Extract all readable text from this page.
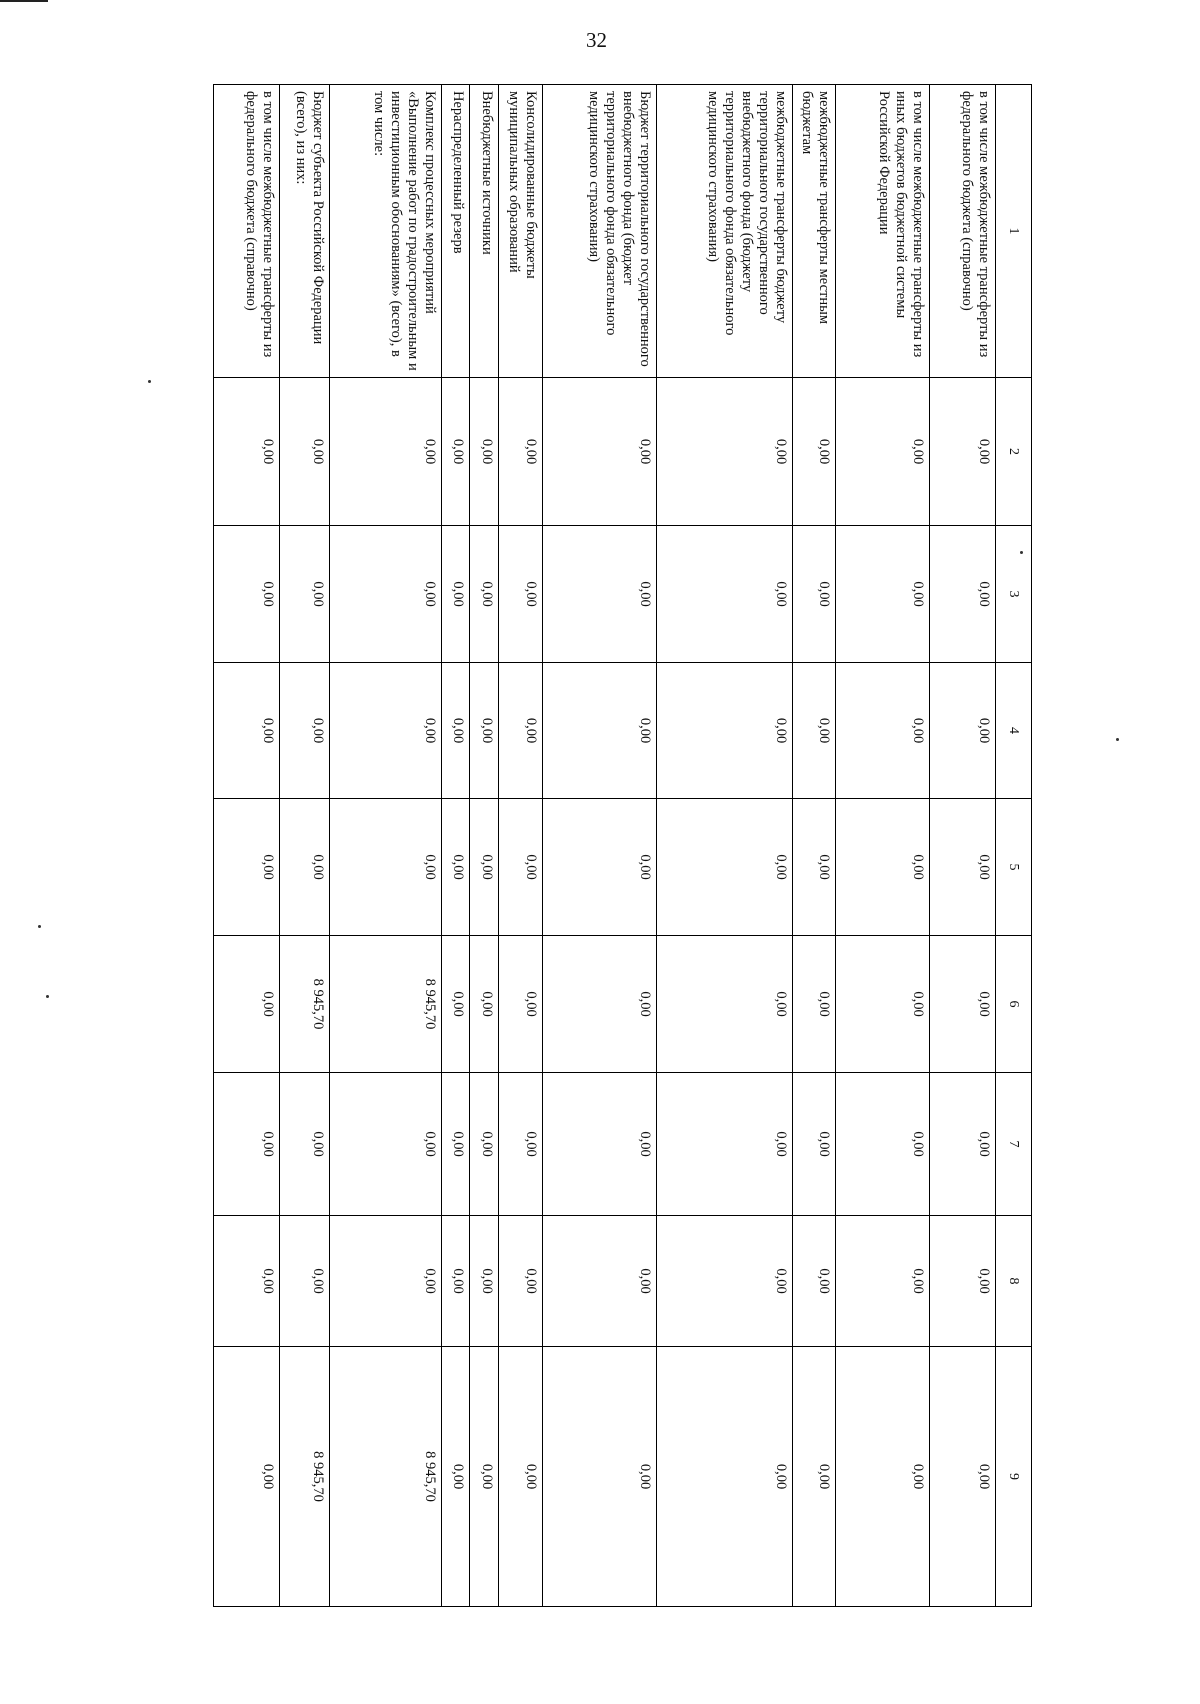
32
1	2	3	4	5	6	7	8	9
в том числе межбюджетные трансферты из федерального бюджета (справочно)	0,00	0,00	0,00	0,00	0,00	0,00	0,00	0,00
в том числе межбюджетные трансферты из иных бюджетов бюджетной системы Российской Федерации	0,00	0,00	0,00	0,00	0,00	0,00	0,00	0,00
межбюджетные трансферты местным бюджетам	0,00	0,00	0,00	0,00	0,00	0,00	0,00	0,00
межбюджетные трансферты бюджету территориального государственного внебюджетного фонда (бюджету территориального фонда обязательного медицинского страхования)	0,00	0,00	0,00	0,00	0,00	0,00	0,00	0,00
Бюджет территориального государственного внебюджетного фонда (бюджет территориального фонда обязательного медицинского страхования)	0,00	0,00	0,00	0,00	0,00	0,00	0,00	0,00
Консолидированные бюджеты муниципальных образований	0,00	0,00	0,00	0,00	0,00	0,00	0,00	0,00
Внебюджетные источники	0,00	0,00	0,00	0,00	0,00	0,00	0,00	0,00
Нераспределенный резерв	0,00	0,00	0,00	0,00	0,00	0,00	0,00	0,00
Комплекс процессных мероприятий «Выполнение работ по градостроительным и инвестиционным обоснованиям» (всего), в том числе:	0,00	0,00	0,00	0,00	8 945,70	0,00	0,00	8 945,70
Бюджет субъекта Российской Федерации (всего), из них:	0,00	0,00	0,00	0,00	8 945,70	0,00	0,00	8 945,70
в том числе межбюджетные трансферты из федерального бюджета (справочно)	0,00	0,00	0,00	0,00	0,00	0,00	0,00	0,00
